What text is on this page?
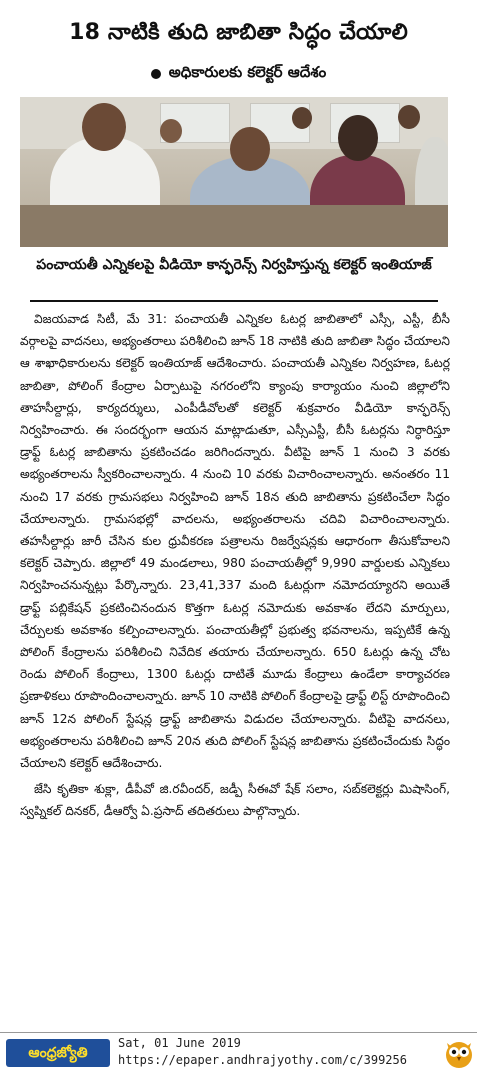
18 నాటికి తుది జాబితా సిద్ధం చేయాలి
అధికారులకు కలెక్టర్ ఆదేశం
పంచాయతీ ఎన్నికలపై వీడియో కాన్ఫరెన్స్ నిర్వహిస్తున్న కలెక్టర్ ఇంతియాజ్

విజయవాడ సిటీ, మే 31: పంచాయతీ ఎన్నికల ఓటర్ల జాబితాలో ఎస్సీ, ఎస్టీ, బీసీ వర్గాలపై వాదనలు, అభ్యంతరాలు పరిశీలించి జూన్ 18 నాటికి తుది జాబితా సిద్ధం చేయాలని ఆ శాఖాధికారులను కలెక్టర్ ఇంతియాజ్ ఆదేశించారు. పంచాయతీ ఎన్నికల నిర్వహణ, ఓటర్ల జాబితా, పోలింగ్ కేంద్రాల ఏర్పాటుపై నగరంలోని క్యాంపు కార్యాయం నుంచి జిల్లాలోని తాహసీల్దార్లు, కార్యదర్శులు, ఎంపీడీవోలతో కలెక్టర్ శుక్రవారం వీడియో కాన్ఫరెన్స్ నిర్వహించారు. ఈ సందర్భంగా ఆయన మాట్లాడుతూ, ఎస్సీఎస్టీ, బీసీ ఓటర్లను నిర్ధారిస్తూ డ్రాఫ్ట్ ఓటర్ల జాబితాను ప్రకటించడం జరిగిందన్నారు. వీటిపై జూన్ 1 నుంచి 3 వరకు అభ్యంతరాలను స్వీకరించాలన్నారు. 4 నుంచి 10 వరకు విచారించాలన్నారు. అనంతరం 11 నుంచి 17 వరకు గ్రామసభలు నిర్వహించి జూన్ 18న తుది జాబితాను ప్రకటించేలా సిద్ధం చేయాలన్నారు. గ్రామసభల్లో వాదలను, అభ్యంతరాలను చదివి విచారించాలన్నారు. తహసీల్దార్లు జారీ చేసిన కుల ధ్రువీకరణ పత్రాలను రిజర్వేషన్లకు ఆధారంగా తీసుకోవాలని కలెక్టర్ చెప్పారు. జిల్లాలో 49 మండలాలు, 980 పంచాయతీల్లో 9,990 వార్డులకు ఎన్నికలు నిర్వహించనున్నట్లు పేర్కొన్నారు. 23,41,337 మంది ఓటర్లుగా నమోదయ్యారని అయితే డ్రాఫ్ట్ పబ్లికేషన్ ప్రకటించినందున కొత్తగా ఓటర్ల నమోదుకు అవకాశం లేదని మార్పులు, చేర్పులకు అవకాశం కల్పించాలన్నారు. పంచాయతీల్లో ప్రభుత్వ భవనాలను, ఇప్పటికే ఉన్న పోలింగ్ కేంద్రాలను పరిశీలించి నివేదిక తయారు చేయాలన్నారు. 650 ఓటర్లు ఉన్న చోట రెండు పోలింగ్ కేంద్రాలు, 1300 ఓటర్లు దాటితే మూడు కేంద్రాలు ఉండేలా కార్యాచరణ ప్రణాళికలు రూపొందించాలన్నారు. జూన్ 10 నాటికి పోలింగ్ కేంద్రాలపై డ్రాఫ్ట్ లిస్ట్ రూపొందించి జూన్ 12న పోలింగ్ స్టేషన్ల డ్రాఫ్ట్ జాబితాను విడుదల చేయాలన్నారు. వీటిపై వాదనలు, అభ్యంతరాలను పరిశీలించి జూన్ 20న తుది పోలింగ్ స్టేషన్ల జాబితాను ప్రకటించేందుకు సిద్ధం చేయాలని కలెక్టర్ ఆదేశించారు.

జేసి కృతికా శుక్లా, డీపీవో జి.రవీందర్, జడ్పీ సీఈవో షేక్ సలాం, సబ్‌కలెక్టర్లు మిషాసింగ్, స్వప్నికల్ దినకర్, డీఆర్వో ఏ.ప్రసాద్ తదితరులు పాల్గొన్నారు.

ఆంధ్రజ్యోతి
Sat, 01 June 2019
https://epaper.andhrajyothy.com/c/399256
